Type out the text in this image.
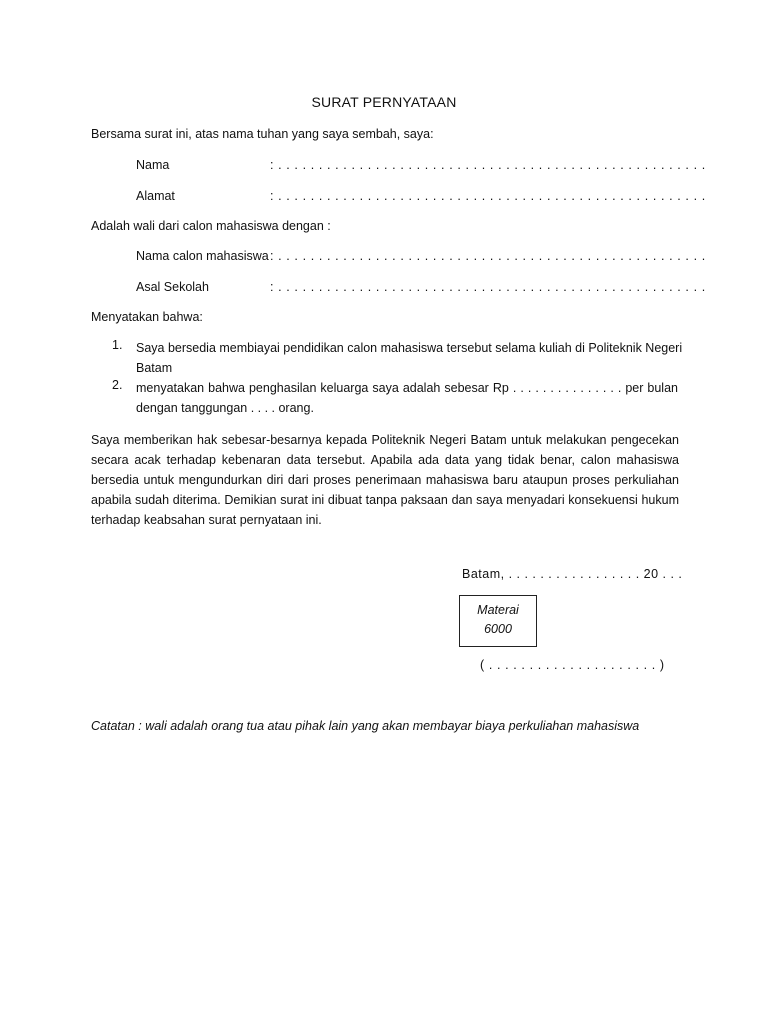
SURAT PERNYATAAN
Bersama surat ini, atas nama tuhan yang saya sembah, saya:
Nama	: . . . . . . . . . . . . . . . . . . . . . . . . . . . . . . . . . . . . . . . . . . . . . . . . . . . . .
Alamat	: . . . . . . . . . . . . . . . . . . . . . . . . . . . . . . . . . . . . . . . . . . . . . . . . . . . . .
Adalah wali dari calon mahasiswa dengan :
Nama calon mahasiswa : . . . . . . . . . . . . . . . . . . . . . . . . . . . . . . . . . . . . . . . . . . . . . . . . . . . . .
Asal Sekolah	: . . . . . . . . . . . . . . . . . . . . . . . . . . . . . . . . . . . . . . . . . . . . . . . . . . . . .
Menyatakan bahwa:
1. Saya bersedia membiayai pendidikan calon mahasiswa tersebut selama kuliah di Politeknik Negeri
Batam
2. menyatakan bahwa penghasilan keluarga saya adalah sebesar Rp . . . . . . . . . . . . . . . per bulan
dengan tanggungan . . . . orang.
Saya memberikan hak sebesar-besarnya kepada Politeknik Negeri Batam untuk melakukan pengecekan
secara acak terhadap kebenaran data tersebut. Apabila ada data yang tidak benar, calon mahasiswa
bersedia untuk mengundurkan diri dari proses penerimaan mahasiswa baru ataupun proses perkuliahan
apabila sudah diterima. Demikian surat ini dibuat tanpa paksaan dan saya menyadari konsekuensi hukum
terhadap keabsahan surat pernyataan ini.
Batam, . . . . . . . . . . . . . . . . . 20 . . .
Materai
6000
( . . . . . . . . . . . . . . . . . . . . . )
Catatan : wali adalah orang tua atau pihak lain yang akan membayar biaya perkuliahan mahasiswa
